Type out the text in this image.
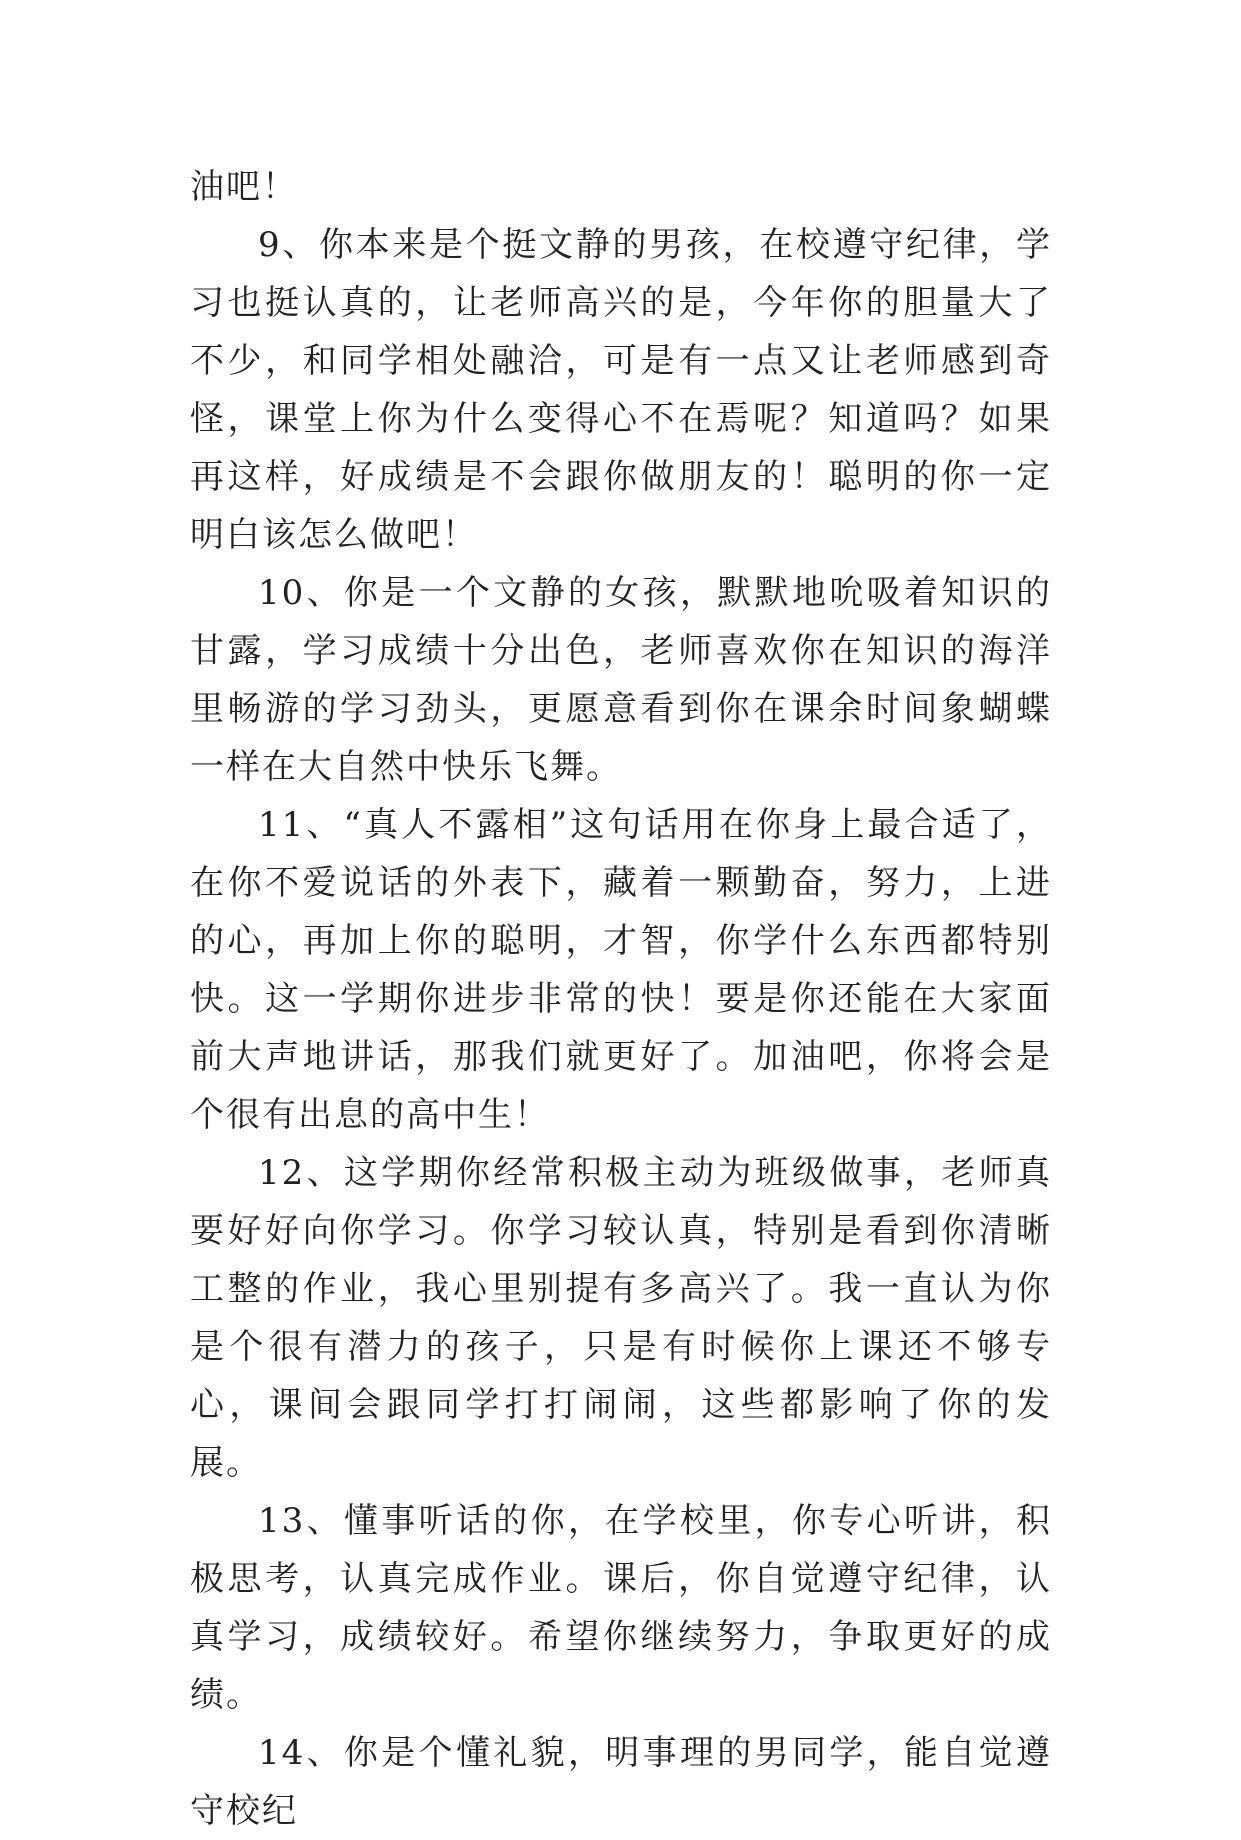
油吧！

9、你本来是个挺文静的男孩，在校遵守纪律，学习也挺认真的，让老师高兴的是，今年你的胆量大了不少，和同学相处融洽，可是有一点又让老师感到奇怪，课堂上你为什么变得心不在焉呢？知道吗？如果再这样，好成绩是不会跟你做朋友的！聪明的你一定明白该怎么做吧！

10、你是一个文静的女孩，默默地吮吸着知识的甘露，学习成绩十分出色，老师喜欢你在知识的海洋里畅游的学习劲头，更愿意看到你在课余时间象蝴蝶一样在大自然中快乐飞舞。

11、“真人不露相”这句话用在你身上最合适了，在你不爱说话的外表下，藏着一颗勤奋，努力，上进的心，再加上你的聪明，才智，你学什么东西都特别快。这一学期你进步非常的快！要是你还能在大家面前大声地讲话，那我们就更好了。加油吧，你将会是个很有出息的高中生！

12、这学期你经常积极主动为班级做事，老师真要好好向你学习。你学习较认真，特别是看到你清晰工整的作业，我心里别提有多高兴了。我一直认为你是个很有潜力的孩子，只是有时候你上课还不够专心，课间会跟同学打打闹闹，这些都影响了你的发展。

13、懂事听话的你，在学校里，你专心听讲，积极思考，认真完成作业。课后，你自觉遵守纪律，认真学习，成绩较好。希望你继续努力，争取更好的成绩。

14、你是个懂礼貌，明事理的男同学，能自觉遵守校纪
